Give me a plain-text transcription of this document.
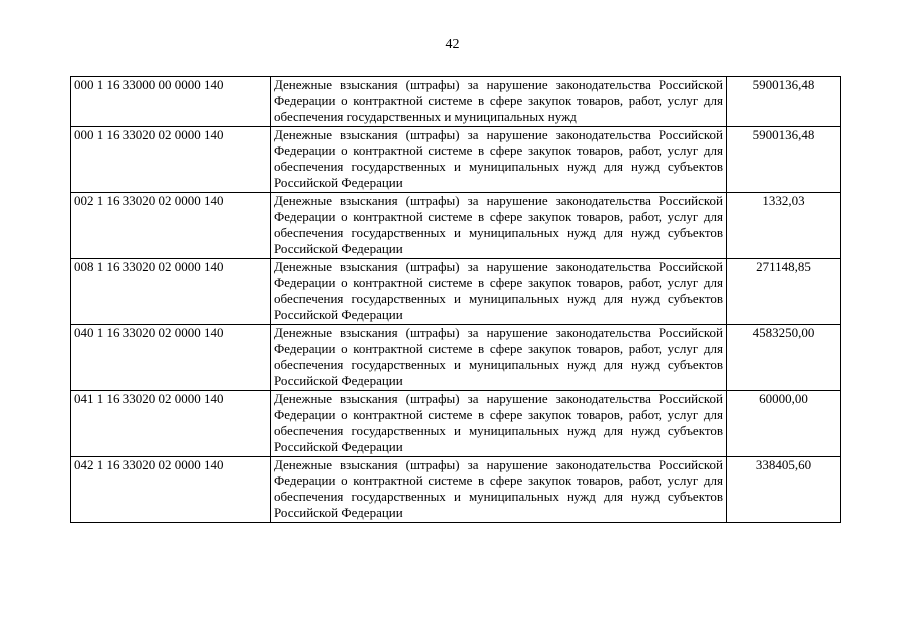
42
000 1 16 33000 00 0000 140	Денежные взыскания (штрафы) за нарушение законодательства Российской Федерации о контрактной системе в сфере закупок товаров, работ, услуг для обеспечения государственных и муниципальных нужд	5900136,48
000 1 16 33020 02 0000 140	Денежные взыскания (штрафы) за нарушение законодательства Российской Федерации о контрактной системе в сфере закупок товаров, работ, услуг для обеспечения государственных и муниципальных нужд для нужд субъектов Российской Федерации	5900136,48
002 1 16 33020 02 0000 140	Денежные взыскания (штрафы) за нарушение законодательства Российской Федерации о контрактной системе в сфере закупок товаров, работ, услуг для обеспечения государственных и муниципальных нужд для нужд субъектов Российской Федерации	1332,03
008 1 16 33020 02 0000 140	Денежные взыскания (штрафы) за нарушение законодательства Российской Федерации о контрактной системе в сфере закупок товаров, работ, услуг для обеспечения государственных и муниципальных нужд для нужд субъектов Российской Федерации	271148,85
040 1 16 33020 02 0000 140	Денежные взыскания (штрафы) за нарушение законодательства Российской Федерации о контрактной системе в сфере закупок товаров, работ, услуг для обеспечения государственных и муниципальных нужд для нужд субъектов Российской Федерации	4583250,00
041 1 16 33020 02 0000 140	Денежные взыскания (штрафы) за нарушение законодательства Российской Федерации о контрактной системе в сфере закупок товаров, работ, услуг для обеспечения государственных и муниципальных нужд для нужд субъектов Российской Федерации	60000,00
042 1 16 33020 02 0000 140	Денежные взыскания (штрафы) за нарушение законодательства Российской Федерации о контрактной системе в сфере закупок товаров, работ, услуг для обеспечения государственных и муниципальных нужд для нужд субъектов Российской Федерации	338405,60
